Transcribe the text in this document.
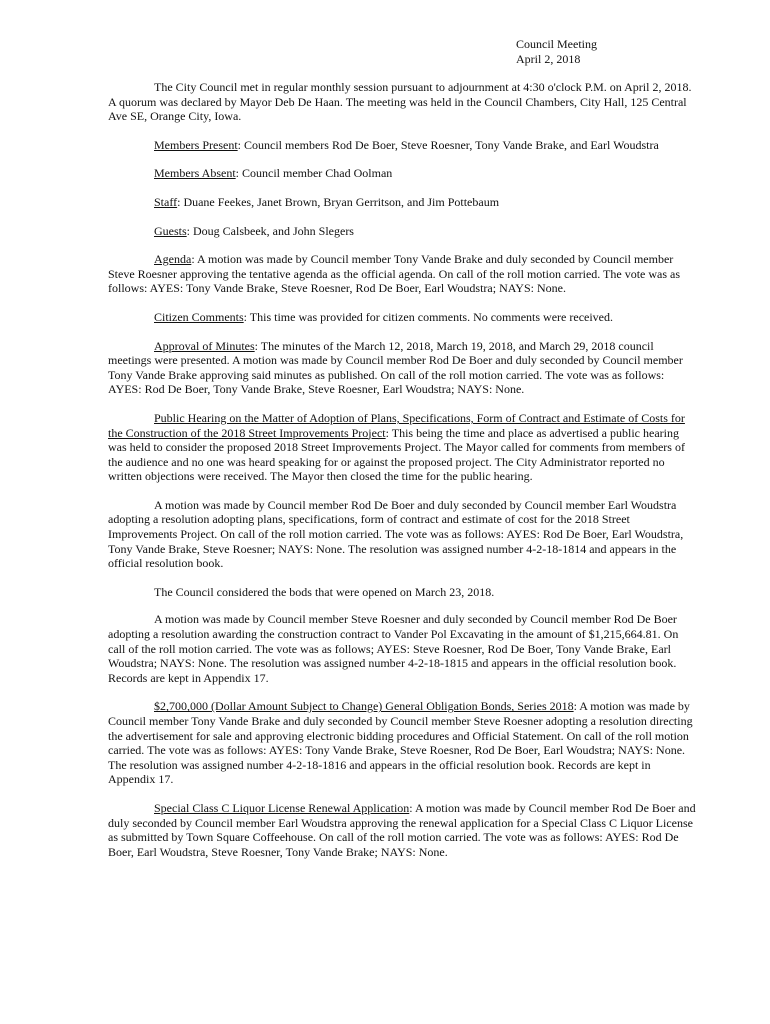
Council Meeting
April 2, 2018

The City Council met in regular monthly session pursuant to adjournment at 4:30 o'clock P.M. on April 2, 2018. A quorum was declared by Mayor Deb De Haan. The meeting was held in the Council Chambers, City Hall, 125 Central Ave SE, Orange City, Iowa.

Members Present: Council members Rod De Boer, Steve Roesner, Tony Vande Brake, and Earl Woudstra

Members Absent: Council member Chad Oolman

Staff: Duane Feekes, Janet Brown, Bryan Gerritson, and Jim Pottebaum

Guests: Doug Calsbeek, and John Slegers

Agenda: A motion was made by Council member Tony Vande Brake and duly seconded by Council member Steve Roesner approving the tentative agenda as the official agenda. On call of the roll motion carried. The vote was as follows: AYES: Tony Vande Brake, Steve Roesner, Rod De Boer, Earl Woudstra; NAYS: None.

Citizen Comments: This time was provided for citizen comments. No comments were received.

Approval of Minutes: The minutes of the March 12, 2018, March 19, 2018, and March 29, 2018 council meetings were presented. A motion was made by Council member Rod De Boer and duly seconded by Council member Tony Vande Brake approving said minutes as published. On call of the roll motion carried. The vote was as follows: AYES: Rod De Boer, Tony Vande Brake, Steve Roesner, Earl Woudstra; NAYS: None.

Public Hearing on the Matter of Adoption of Plans, Specifications, Form of Contract and Estimate of Costs for the Construction of the 2018 Street Improvements Project: This being the time and place as advertised a public hearing was held to consider the proposed 2018 Street Improvements Project. The Mayor called for comments from members of the audience and no one was heard speaking for or against the proposed project. The City Administrator reported no written objections were received. The Mayor then closed the time for the public hearing.

A motion was made by Council member Rod De Boer and duly seconded by Council member Earl Woudstra adopting a resolution adopting plans, specifications, form of contract and estimate of cost for the 2018 Street Improvements Project. On call of the roll motion carried. The vote was as follows: AYES: Rod De Boer, Earl Woudstra, Tony Vande Brake, Steve Roesner; NAYS: None. The resolution was assigned number 4-2-18-1814 and appears in the official resolution book.

The Council considered the bods that were opened on March 23, 2018.

A motion was made by Council member Steve Roesner and duly seconded by Council member Rod De Boer adopting a resolution awarding the construction contract to Vander Pol Excavating in the amount of $1,215,664.81. On call of the roll motion carried. The vote was as follows; AYES: Steve Roesner, Rod De Boer, Tony Vande Brake, Earl Woudstra; NAYS: None. The resolution was assigned number 4-2-18-1815 and appears in the official resolution book. Records are kept in Appendix 17.

$2,700,000 (Dollar Amount Subject to Change) General Obligation Bonds, Series 2018: A motion was made by Council member Tony Vande Brake and duly seconded by Council member Steve Roesner adopting a resolution directing the advertisement for sale and approving electronic bidding procedures and Official Statement. On call of the roll motion carried. The vote was as follows: AYES: Tony Vande Brake, Steve Roesner, Rod De Boer, Earl Woudstra; NAYS: None. The resolution was assigned number 4-2-18-1816 and appears in the official resolution book. Records are kept in Appendix 17.

Special Class C Liquor License Renewal Application: A motion was made by Council member Rod De Boer and duly seconded by Council member Earl Woudstra approving the renewal application for a Special Class C Liquor License as submitted by Town Square Coffeehouse. On call of the roll motion carried. The vote was as follows: AYES: Rod De Boer, Earl Woudstra, Steve Roesner, Tony Vande Brake; NAYS: None.
